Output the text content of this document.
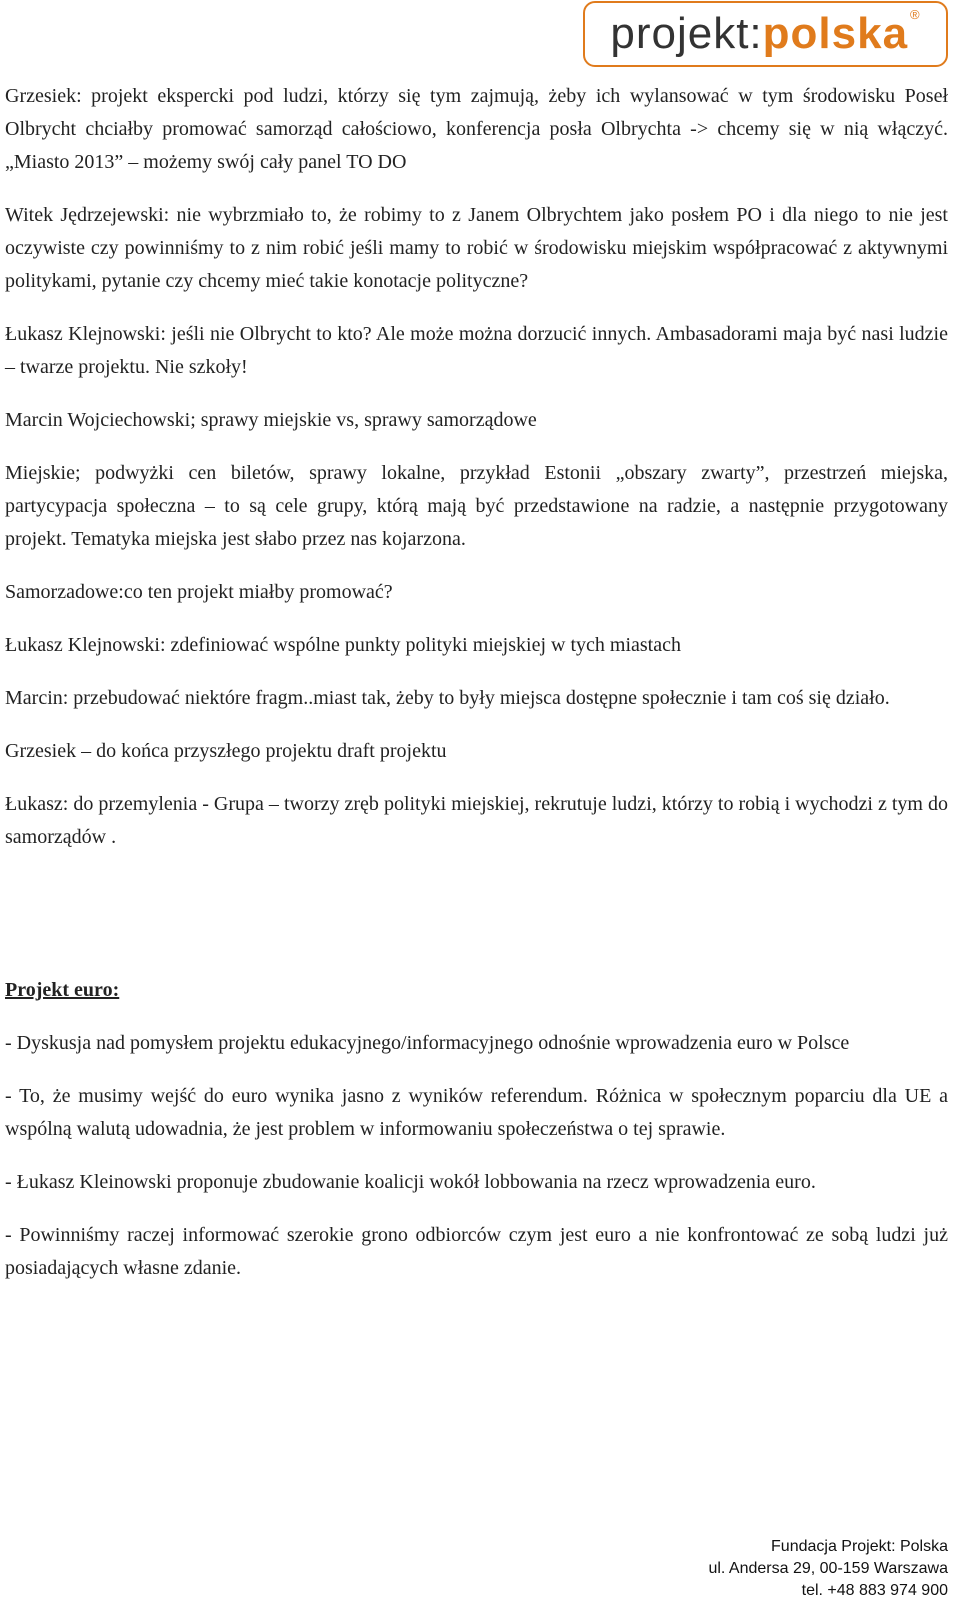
projekt: polska ®

Grzesiek: projekt ekspercki pod ludzi, którzy się tym zajmują, żeby ich wylansować w tym środowisku Poseł Olbrycht chciałby promować samorząd całościowo, konferencja posła Olbrychta -> chcemy się w nią włączyć. „Miasto 2013” – możemy swój cały panel TO DO

Witek Jędrzejewski: nie wybrzmiało to, że robimy to z Janem Olbrychtem jako posłem PO i dla niego to nie jest oczywiste czy powinniśmy to z nim robić jeśli mamy to robić w środowisku miejskim współpracować z aktywnymi politykami, pytanie czy chcemy mieć takie konotacje polityczne?

Łukasz Klejnowski: jeśli nie Olbrycht to kto? Ale może można dorzucić innych. Ambasadorami maja być nasi ludzie – twarze projektu. Nie szkoły!

Marcin Wojciechowski; sprawy miejskie vs, sprawy samorządowe

Miejskie; podwyżki cen biletów, sprawy lokalne, przykład Estonii „obszary zwarty”, przestrzeń miejska, partycypacja społeczna – to są cele grupy, którą mają być przedstawione na radzie, a następnie przygotowany projekt. Tematyka miejska jest słabo przez nas kojarzona.

Samorzadowe:co ten projekt miałby promować?

Łukasz Klejnowski: zdefiniować wspólne punkty polityki miejskiej w tych miastach

Marcin: przebudować niektóre fragm..miast tak, żeby to były miejsca dostępne społecznie i tam coś się działo.

Grzesiek – do końca przyszłego projektu draft projektu

Łukasz: do przemylenia - Grupa – tworzy zręb polityki miejskiej, rekrutuje ludzi, którzy to robią i wychodzi z tym do samorządów .

Projekt euro:

- Dyskusja nad pomysłem projektu edukacyjnego/informacyjnego odnośnie wprowadzenia euro w Polsce

- To, że musimy wejść do euro wynika jasno z wyników referendum. Różnica w społecznym poparciu dla UE a wspólną walutą udowadnia, że jest problem w informowaniu społeczeństwa o tej sprawie.

- Łukasz Kleinowski proponuje zbudowanie koalicji wokół lobbowania na rzecz wprowadzenia euro.

- Powinniśmy raczej informować szerokie grono odbiorców czym jest euro a nie konfrontować ze sobą ludzi już posiadających własne zdanie.

Fundacja Projekt: Polska
ul. Andersa 29, 00-159 Warszawa
tel. +48 883 974 900
